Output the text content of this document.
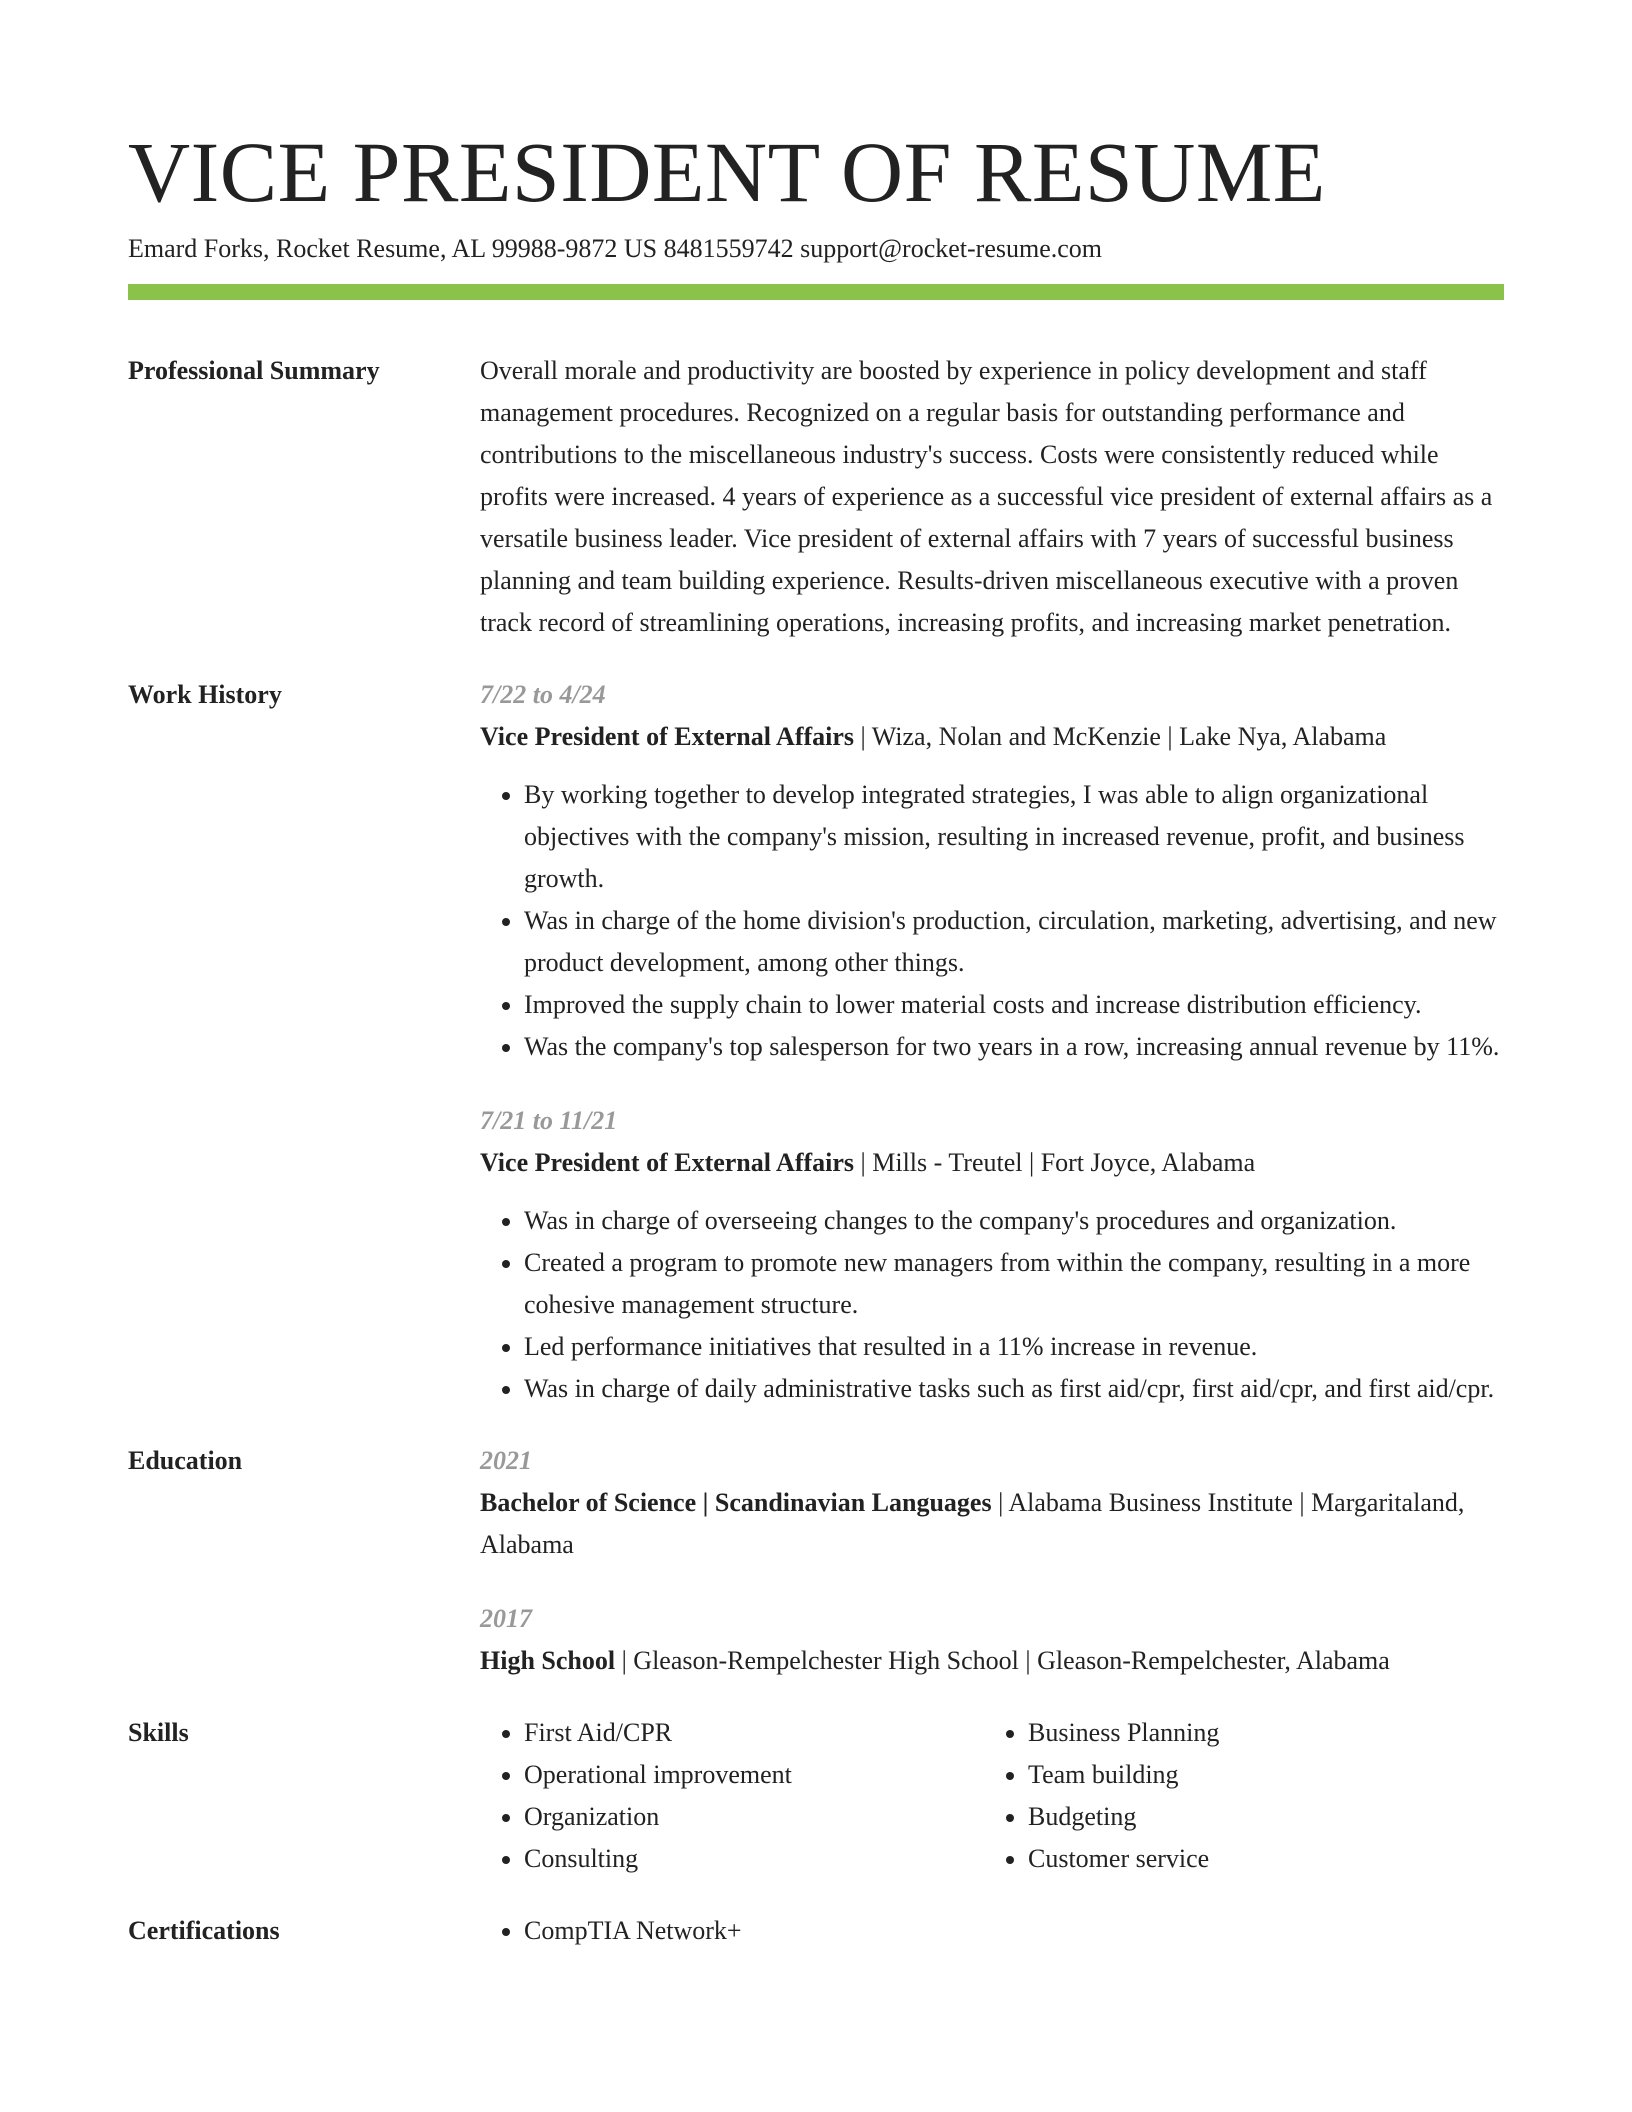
VICE PRESIDENT OF RESUME
Emard Forks, Rocket Resume, AL 99988-9872 US 8481559742 support@rocket-resume.com
Professional Summary	Overall morale and productivity are boosted by experience in policy development and staff management procedures. Recognized on a regular basis for outstanding performance and contributions to the miscellaneous industry's success. Costs were consistently reduced while profits were increased. 4 years of experience as a successful vice president of external affairs as a versatile business leader. Vice president of external affairs with 7 years of successful business planning and team building experience. Results-driven miscellaneous executive with a proven track record of streamlining operations, increasing profits, and increasing market penetration.
Work History	7/22 to 4/24
Vice President of External Affairs | Wiza, Nolan and McKenzie | Lake Nya, Alabama
• By working together to develop integrated strategies, I was able to align organizational objectives with the company's mission, resulting in increased revenue, profit, and business growth.
• Was in charge of the home division's production, circulation, marketing, advertising, and new product development, among other things.
• Improved the supply chain to lower material costs and increase distribution efficiency.
• Was the company's top salesperson for two years in a row, increasing annual revenue by 11%.
7/21 to 11/21
Vice President of External Affairs | Mills - Treutel | Fort Joyce, Alabama
• Was in charge of overseeing changes to the company's procedures and organization.
• Created a program to promote new managers from within the company, resulting in a more cohesive management structure.
• Led performance initiatives that resulted in a 11% increase in revenue.
• Was in charge of daily administrative tasks such as first aid/cpr, first aid/cpr, and first aid/cpr.
Education	2021
Bachelor of Science | Scandinavian Languages | Alabama Business Institute | Margaritaland, Alabama
2017
High School | Gleason-Rempelchester High School | Gleason-Rempelchester, Alabama
Skills	• First Aid/CPR
• Operational improvement
• Organization
• Consulting
• Business Planning
• Team building
• Budgeting
• Customer service
Certifications	• CompTIA Network+
